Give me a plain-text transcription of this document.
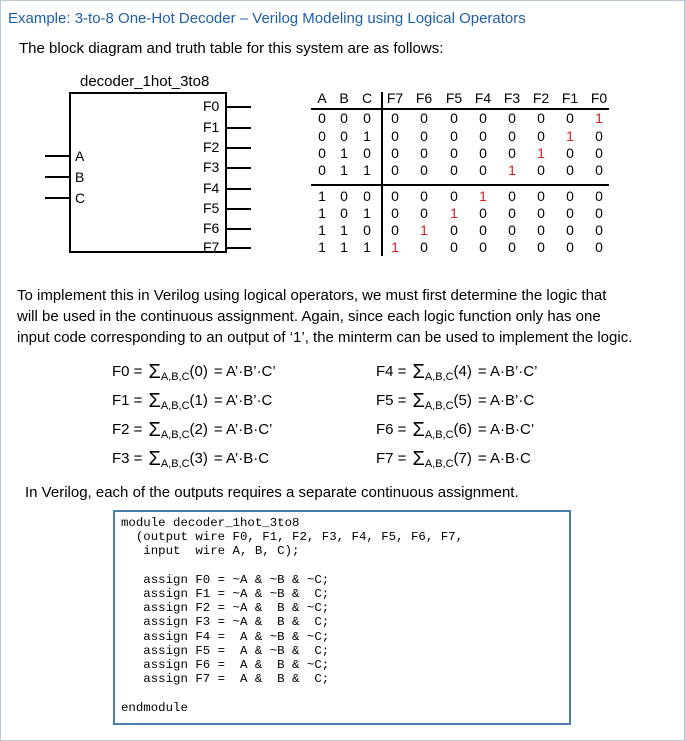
Example: 3-to-8 One-Hot Decoder – Verilog Modeling using Logical Operators
The block diagram and truth table for this system are as follows:
decoder_1hot_3to8
A
B
C
F0
F1
F2
F3
F4
F5
F6
F7
A B C	F7 F6 F5 F4 F3 F2 F1 F0
0	0	0	0	0	0	0	0	0	0	1
0	0	1	0	0	0	0	0	0	1	0
0	1	0	0	0	0	0	0	1	0	0
0	1	1	0	0	0	0	1	0	0	0
1	0	0	0	0	0	1	0	0	0	0
1	0	1	0	0	1	0	0	0	0	0
1	1	0	0	1	0	0	0	0	0	0
1	1	1	1	0	0	0	0	0	0	0
To implement this in Verilog using logical operators, we must first determine the logic that
will be used in the continuous assignment. Again, since each logic function only has one
input code corresponding to an output of ‘1’, the minterm can be used to implement the logic.
$F0 = \Sigma_{A,B,C}(0)$ = A’·B’·C’
$F1 = \Sigma_{A,B,C}(1)$ = A’·B’·C
$F2 = \Sigma_{A,B,C}(2)$ = A’·B·C’
$F3 = \Sigma_{A,B,C}(3)$ = A’·B·C
$F4 = \Sigma_{A,B,C}(4)$ = A·B’·C’
$F5 = \Sigma_{A,B,C}(5)$ = A·B’·C
$F6 = \Sigma_{A,B,C}(6) = A\cdot B\cdot C$’
$F7 = \Sigma_{A,B,C}(7) = A\cdot B\cdot C$
In Verilog, each of the outputs requires a separate continuous assignment.
module decoder_1hot_3to8
(output wire F0, F1, F2, F3, F4, F5, F6, F7,
input  wire A, B, C);

assign F0 = ~A & ~B & ~C;
assign F1 = ~A & ~B &  C;
assign F2 = ~A &  B & ~C;
assign F3 = ~A &  B &  C;
assign F4 =  A & ~B & ~C;
assign F5 =  A & ~B &  C;
assign F6 =  A &  B & ~C;
assign F7 =  A &  B &  C;

endmodule
